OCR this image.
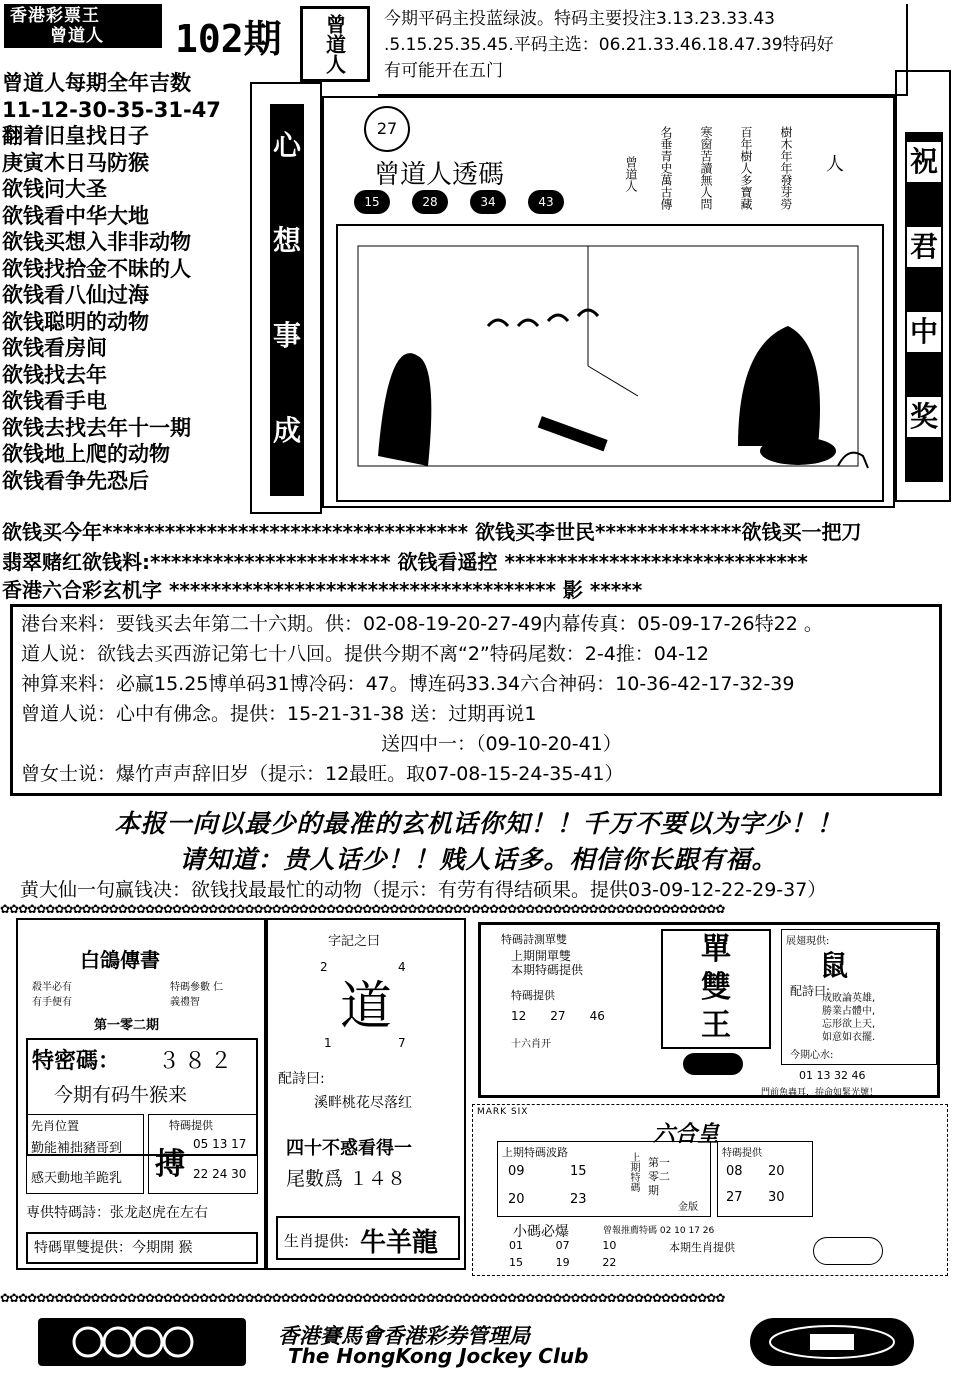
香港彩票王
曾道人	102期 曾道人 今期平码主投蓝绿波。特码主要投注3.13.23.33.43
.5.15.25.35.45.平码主选：06.21.33.46.18.47.39特码好
有可能开在五门
曾道人每期全年吉数
11-12-30-35-31-47
翻着旧皇找日子
庚寅木日马防猴
欲钱问大圣
欲钱看中华大地
欲钱买想入非非动物
欲钱找拾金不昧的人
欲钱看八仙过海
欲钱聪明的动物
欲钱看房间
欲钱找去年
欲钱看手电
欲钱去找去年十一期
欲钱地上爬的动物
欲钱看争先恐后
心
想
事
成
祝
君
中
奖
27
曾道人透碼
15	28	34	43	樹木年年發芽勞
百年樹人多寶藏
寒窗苦讀無人問
名垂青史萬古傳
曾道人	人
欲钱买今年*********************************** 欲钱买李世民**************欲钱买一把刀
翡翠赌红欲钱料:*********************** 欲钱看遥控 *****************************
香港六合彩玄机字 ************************************* 影 *****
港台来料：要钱买去年第二十六期。供：02-08-19-20-27-49内幕传真：05-09-17-26特22 。
道人说：欲钱去买西游记第七十八回。提供今期不离“2”特码尾数：2-4推：04-12
神算来料：必赢15.25博单码31博冷码：47。博连码33.34六合神码：10-36-42-17-32-39
曾道人说：心中有佛念。提供：15-21-31-38 送：过期再说1
送四中一：（09-10-20-41）
曾女士说：爆竹声声辞旧岁（提示：12最旺。取07-08-15-24-35-41）
本报一向以最少的最准的玄机话你知！！千万不要以为字少！！
请知道：贵人话少！！贱人话多。相信你长跟有福。
黄大仙一句赢钱决：欲钱找最最忙的动物（提示：有劳有得结硕果。提供03-09-12-22-29-37）
✿✿✿✿✿✿✿✿✿✿✿✿✿✿✿✿✿✿✿✿✿✿✿✿✿✿✿✿✿✿✿✿✿✿✿✿✿✿✿✿✿✿✿✿✿✿✿✿✿✿✿✿✿✿✿✿✿✿✿✿✿✿✿✿✿✿✿✿✿✿✿✿✿✿✿✿✿✿✿✿
白鴿傳書
殺半必有 有手便有
特碼參數 仁義禮智
第一零二期
特密碼： ３８２
今期有码牛猴来
先肖位置
勤能補拙豬哥到
感天動地羊跪乳
特碼提供
搏
05 13 17
22 24 30
専供特碼詩：张龙赵虎在左右
特碼單雙提供：今期開 猴
字記之曰
2	4
道
1	7
配詩曰:
溪畔桃花尽落红
四十不惑看得一
尾數爲 １４８
生肖提供: 牛羊龍
特碼詩測單雙
上期開單雙
本期特碼提供
特碼提供
12 27 46
十六肖开
單
雙
王
展翅現供:
鼠
配詩曰:
成敗論英雄,
勝業占體中,
忘形欲上天,
如意如衣擺.
今期心水:
01 13 32 46
門前魚蟲耳，拚命如緊光號！
MARK SIX
六合皇
上期特碼波路
09	15
20	23
上期特碼 第一
零二
期
金版
特碼提供
08 20
27 30
小碼必爆	曾報推薦特碼 02 10 17 26
01	07	10
15	19	22
本期生肖提供
✿✿✿✿✿✿✿✿✿✿✿✿✿✿✿✿✿✿✿✿✿✿✿✿✿✿✿✿✿✿✿✿✿✿✿✿✿✿✿✿✿✿✿✿✿✿✿✿✿✿✿✿✿✿✿✿✿✿✿✿✿✿✿✿✿✿✿✿✿✿✿✿✿✿✿✿✿✿✿✿
香港賽馬會香港彩券管理局
The HongKong Jockey Club
